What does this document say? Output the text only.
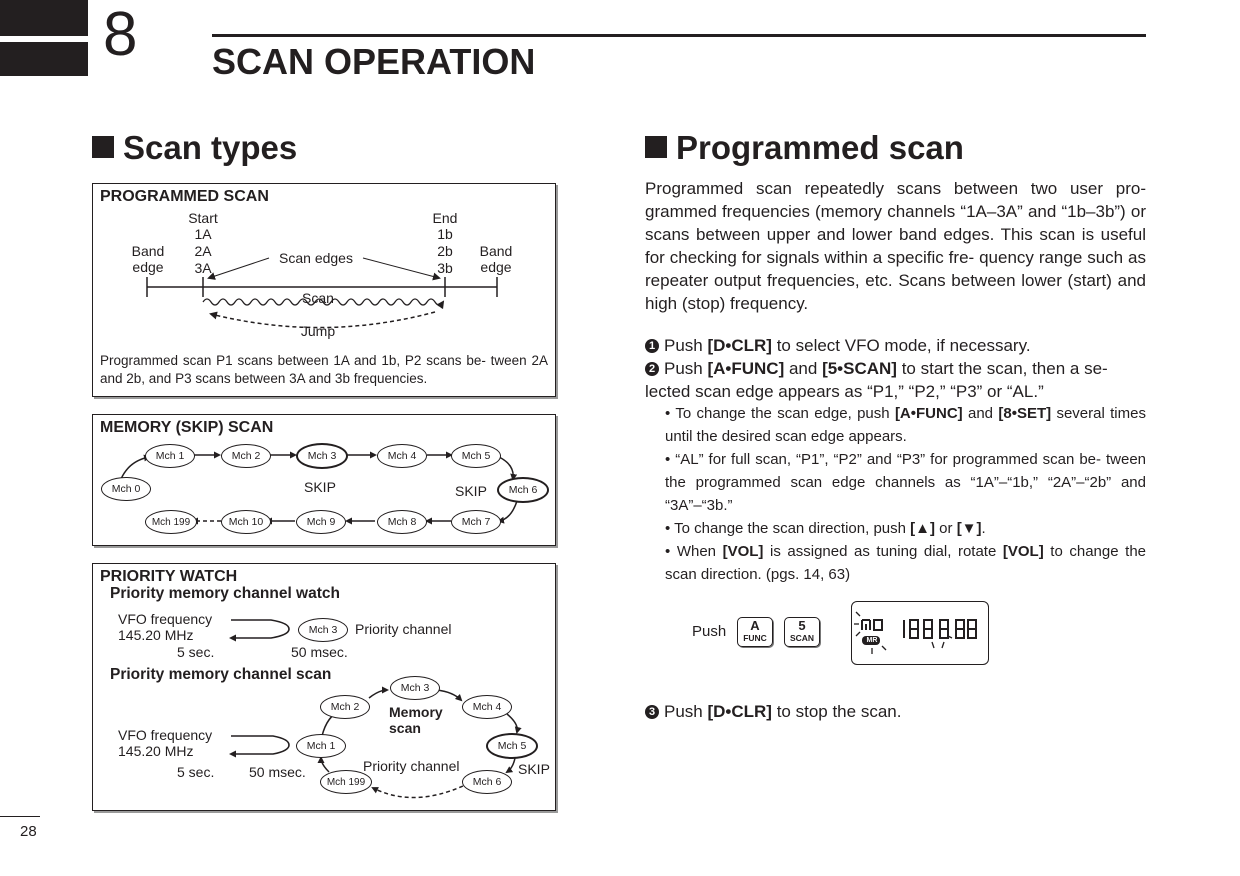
8 SCAN OPERATION
Scan types
PROGRAMMED SCAN
Start
1A
2A
3A
End
1b
2b
3b
Band
edge
Band
edge
Scan edges
Scan
Jump
Programmed scan P1 scans between 1A and 1b, P2 scans be- tween 2A and 2b, and P3 scans between 3A and 3b frequencies.
MEMORY (SKIP) SCAN
Mch 0
Mch 1	Mch 2	Mch 3	Mch 4	Mch 5
Mch 6
Mch 7
Mch 8
Mch 9
Mch 10
Mch 199
SKIP	SKIP
PRIORITY WATCH
Priority memory channel watch
VFO frequency
145.20 MHz
5 sec.	50 msec.
Mch 3	Priority channel
Priority memory channel scan
VFO frequency
145.20 MHz
5 sec. 50 msec.	Priority channel
Memory
scan
SKIP
Mch 1
Mch 2
Mch 3
Mch 4
Mch 5
Mch 6
Mch 199
Programmed scan
Programmed scan repeatedly scans between two user pro- grammed frequencies (memory channels “1A–3A” and “1b–3b”) or scans between upper and lower band edges. This scan is useful for checking for signals within a specific fre- quency range such as repeater output frequencies, etc. Scans between lower (start) and high (stop) frequency.
1 Push [D•CLR] to select VFO mode, if necessary.
2 Push [A•FUNC] and [5•SCAN] to start the scan, then a se- lected scan edge appears as “P1,” “P2,” “P3” or “AL.”
• To change the scan edge, push [A•FUNC] and [8•SET] several times until the desired scan edge appears.
• “AL” for full scan, “P1”, “P2” and “P3” for programmed scan be- tween the programmed scan edge channels as “1A”–“1b,” “2A”–“2b” and “3A”–“3b.”
• To change the scan direction, push [▲] or [▼].
• When [VOL] is assigned as tuning dial, rotate [VOL] to change the scan direction. (pgs. 14, 63)
Push	A
FUNC
5
SCAN	MR
3 Push [D•CLR] to stop the scan.
28
